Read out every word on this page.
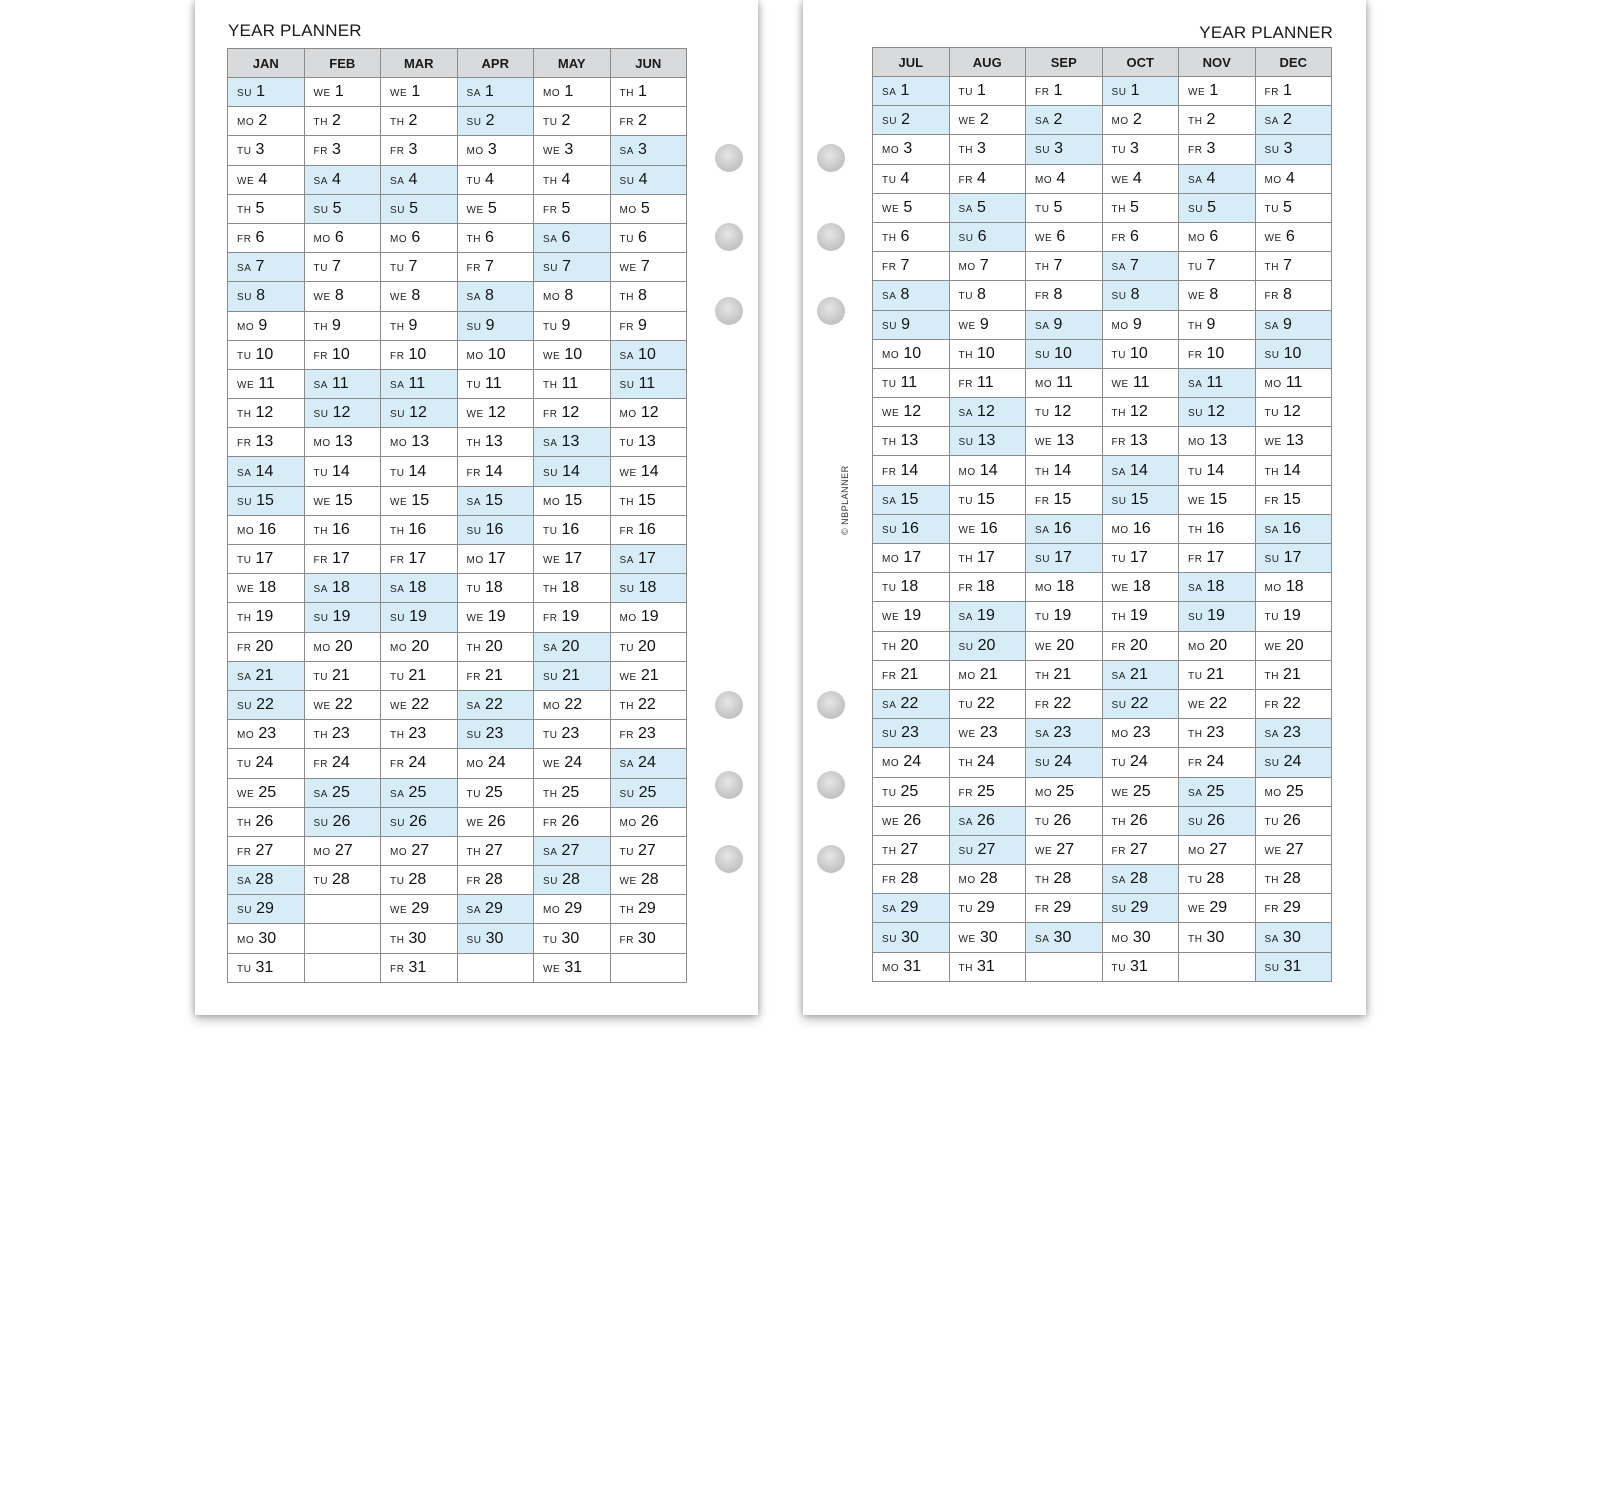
YEAR PLANNER
JAN	FEB	MAR	APR	MAY	JUN
SU 1	WE 1	WE 1	SA 1	MO 1	TH 1
MO 2	TH 2	TH 2	SU 2	TU 2	FR 2
TU 3	FR 3	FR 3	MO 3	WE 3	SA 3
WE 4	SA 4	SA 4	TU 4	TH 4	SU 4
TH 5	SU 5	SU 5	WE 5	FR 5	MO 5
FR 6	MO 6	MO 6	TH 6	SA 6	TU 6
SA 7	TU 7	TU 7	FR 7	SU 7	WE 7
SU 8	WE 8	WE 8	SA 8	MO 8	TH 8
MO 9	TH 9	TH 9	SU 9	TU 9	FR 9
TU 10	FR 10	FR 10	MO 10	WE 10	SA 10
WE 11	SA 11	SA 11	TU 11	TH 11	SU 11
TH 12	SU 12	SU 12	WE 12	FR 12	MO 12
FR 13	MO 13	MO 13	TH 13	SA 13	TU 13
SA 14	TU 14	TU 14	FR 14	SU 14	WE 14
SU 15	WE 15	WE 15	SA 15	MO 15	TH 15
MO 16	TH 16	TH 16	SU 16	TU 16	FR 16
TU 17	FR 17	FR 17	MO 17	WE 17	SA 17
WE 18	SA 18	SA 18	TU 18	TH 18	SU 18
TH 19	SU 19	SU 19	WE 19	FR 19	MO 19
FR 20	MO 20	MO 20	TH 20	SA 20	TU 20
SA 21	TU 21	TU 21	FR 21	SU 21	WE 21
SU 22	WE 22	WE 22	SA 22	MO 22	TH 22
MO 23	TH 23	TH 23	SU 23	TU 23	FR 23
TU 24	FR 24	FR 24	MO 24	WE 24	SA 24
WE 25	SA 25	SA 25	TU 25	TH 25	SU 25
TH 26	SU 26	SU 26	WE 26	FR 26	MO 26
FR 27	MO 27	MO 27	TH 27	SA 27	TU 27
SA 28	TU 28	TU 28	FR 28	SU 28	WE 28
SU 29		WE 29	SA 29	MO 29	TH 29
MO 30		TH 30	SU 30	TU 30	FR 30
TU 31		FR 31		WE 31	
YEAR PLANNER
© NBPLANNER
JUL	AUG	SEP	OCT	NOV	DEC
SA 1	TU 1	FR 1	SU 1	WE 1	FR 1
SU 2	WE 2	SA 2	MO 2	TH 2	SA 2
MO 3	TH 3	SU 3	TU 3	FR 3	SU 3
TU 4	FR 4	MO 4	WE 4	SA 4	MO 4
WE 5	SA 5	TU 5	TH 5	SU 5	TU 5
TH 6	SU 6	WE 6	FR 6	MO 6	WE 6
FR 7	MO 7	TH 7	SA 7	TU 7	TH 7
SA 8	TU 8	FR 8	SU 8	WE 8	FR 8
SU 9	WE 9	SA 9	MO 9	TH 9	SA 9
MO 10	TH 10	SU 10	TU 10	FR 10	SU 10
TU 11	FR 11	MO 11	WE 11	SA 11	MO 11
WE 12	SA 12	TU 12	TH 12	SU 12	TU 12
TH 13	SU 13	WE 13	FR 13	MO 13	WE 13
FR 14	MO 14	TH 14	SA 14	TU 14	TH 14
SA 15	TU 15	FR 15	SU 15	WE 15	FR 15
SU 16	WE 16	SA 16	MO 16	TH 16	SA 16
MO 17	TH 17	SU 17	TU 17	FR 17	SU 17
TU 18	FR 18	MO 18	WE 18	SA 18	MO 18
WE 19	SA 19	TU 19	TH 19	SU 19	TU 19
TH 20	SU 20	WE 20	FR 20	MO 20	WE 20
FR 21	MO 21	TH 21	SA 21	TU 21	TH 21
SA 22	TU 22	FR 22	SU 22	WE 22	FR 22
SU 23	WE 23	SA 23	MO 23	TH 23	SA 23
MO 24	TH 24	SU 24	TU 24	FR 24	SU 24
TU 25	FR 25	MO 25	WE 25	SA 25	MO 25
WE 26	SA 26	TU 26	TH 26	SU 26	TU 26
TH 27	SU 27	WE 27	FR 27	MO 27	WE 27
FR 28	MO 28	TH 28	SA 28	TU 28	TH 28
SA 29	TU 29	FR 29	SU 29	WE 29	FR 29
SU 30	WE 30	SA 30	MO 30	TH 30	SA 30
MO 31	TH 31		TU 31		SU 31
